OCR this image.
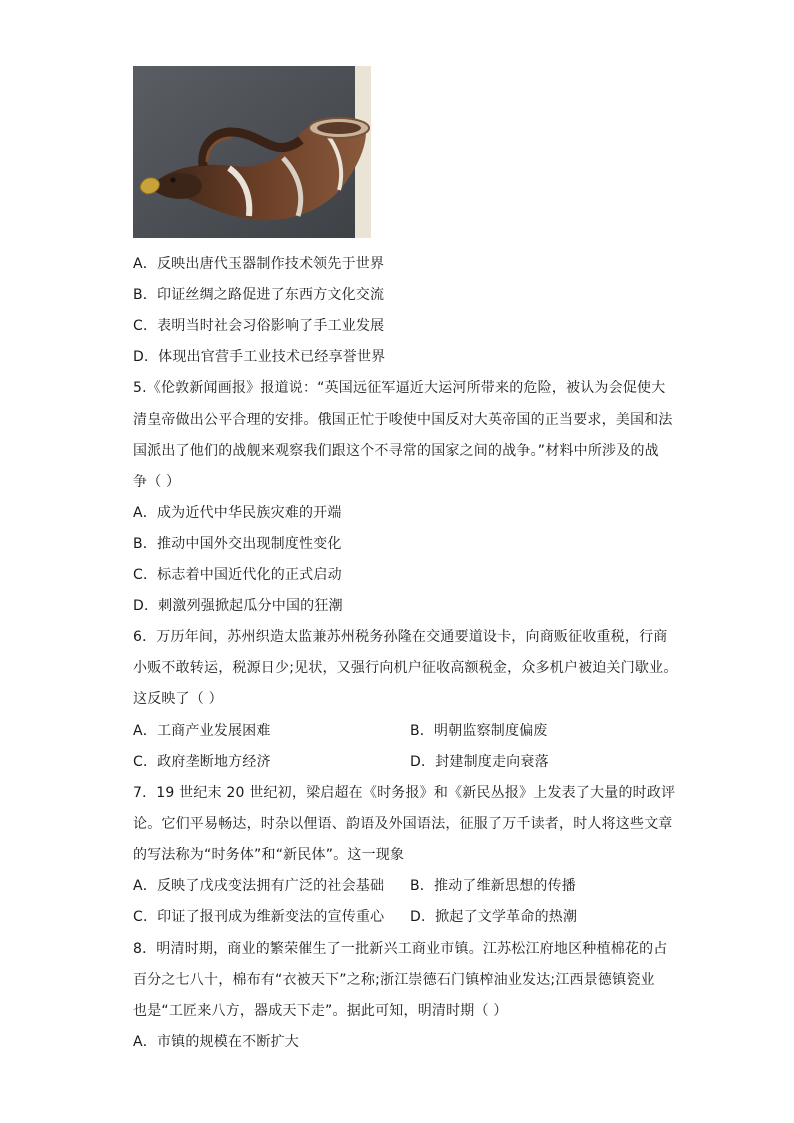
A．反映出唐代玉器制作技术领先于世界
B．印证丝绸之路促进了东西方文化交流
C．表明当时社会习俗影响了手工业发展
D．体现出官营手工业技术已经享誉世界
5.《伦敦新闻画报》报道说：“英国远征军逼近大运河所带来的危险，被认为会促使大
清皇帝做出公平合理的安排。俄国正忙于唆使中国反对大英帝国的正当要求，美国和法
国派出了他们的战舰来观察我们跟这个不寻常的国家之间的战争。”材料中所涉及的战
争（ ）
A．成为近代中华民族灾难的开端
B．推动中国外交出现制度性变化
C．标志着中国近代化的正式启动
D．刺激列强掀起瓜分中国的狂潮
6．万历年间，苏州织造太监兼苏州税务孙隆在交通要道设卡，向商贩征收重税，行商
小贩不敢转运，税源日少;见状，又强行向机户征收高额税金，众多机户被迫关门歇业。
这反映了（ ）
A．工商产业发展困难	B．明朝监察制度偏废
C．政府垄断地方经济	D．封建制度走向衰落
7．19 世纪末 20 世纪初，梁启超在《时务报》和《新民丛报》上发表了大量的时政评
论。它们平易畅达，时杂以俚语、韵语及外国语法，征服了万千读者，时人将这些文章
的写法称为“时务体”和“新民体”。这一现象
A．反映了戊戌变法拥有广泛的社会基础 B．推动了维新思想的传播
C．印证了报刊成为维新变法的宣传重心 D．掀起了文学革命的热潮
8．明清时期，商业的繁荣催生了一批新兴工商业市镇。江苏松江府地区种植棉花的占
百分之七八十，棉布有“衣被天下”之称;浙江崇德石门镇榨油业发达;江西景德镇瓷业
也是“工匠来八方，器成天下走”。据此可知，明清时期（ ）
A．市镇的规模在不断扩大
